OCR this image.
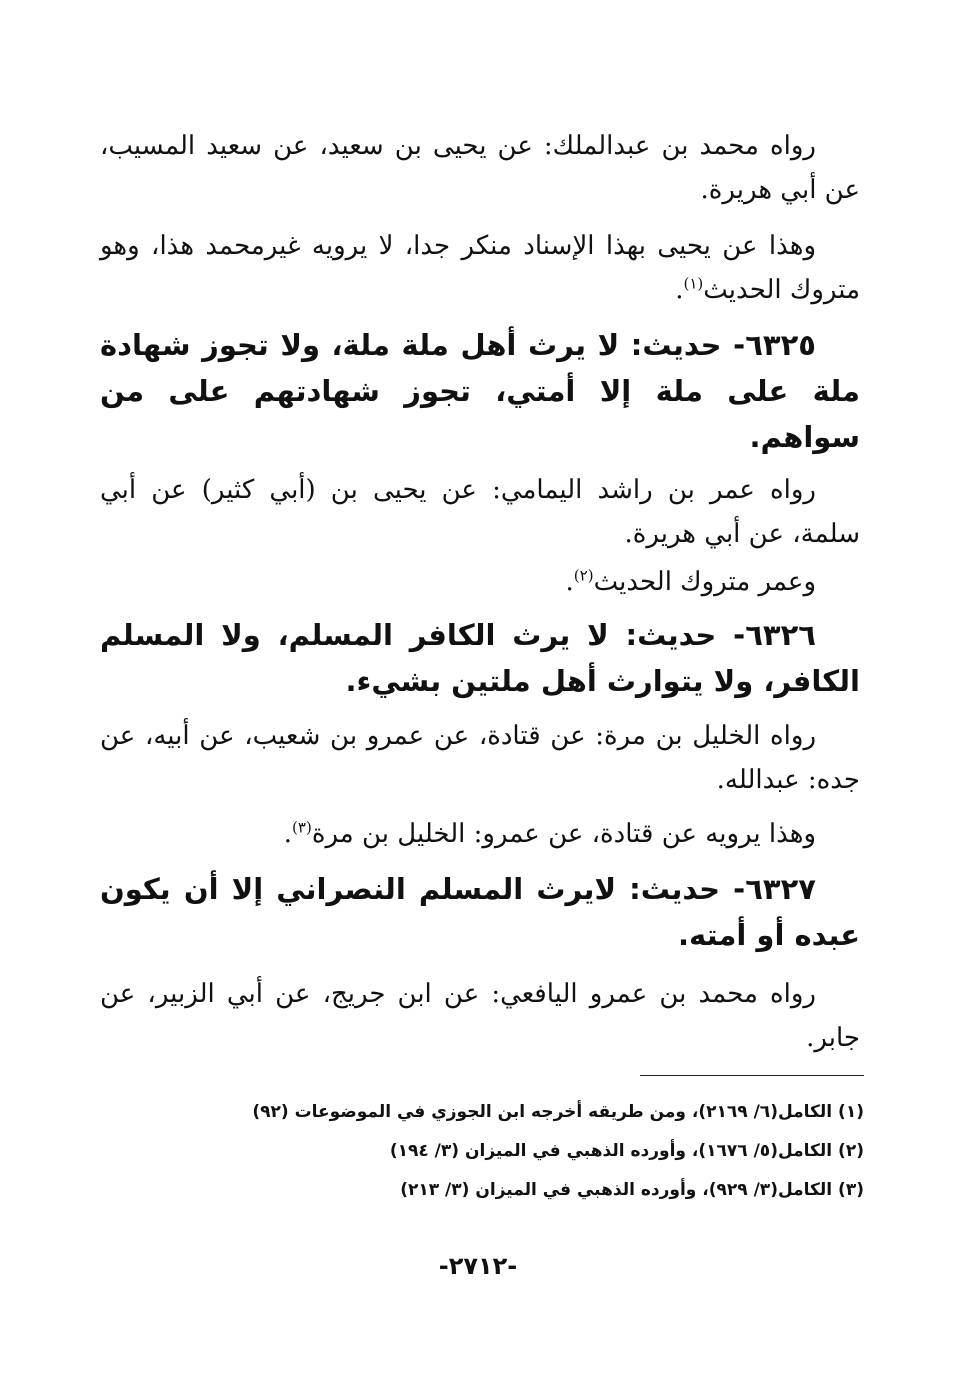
رواه محمد بن عبدالملك: عن يحيى بن سعيد، عن سعيد المسيب، عن أبي هريرة.

وهذا عن يحيى بهذا الإسناد منكر جدا، لا يرويه غيرمحمد هذا، وهو متروك الحديث$^{(١)}$.

٦٣٢٥- حديث: لا يرث أهل ملة ملة، ولا تجوز شهادة ملة على ملة إلا أمتي، تجوز شهادتهم على من سواهم.

رواه عمر بن راشد اليمامي: عن يحيى بن (أبي كثير) عن أبي سلمة، عن أبي هريرة.

وعمر متروك الحديث$^{(٢)}$.

٦٣٢٦- حديث: لا يرث الكافر المسلم، ولا المسلم الكافر، ولا يتوارث أهل ملتين بشيء.

رواه الخليل بن مرة: عن قتادة، عن عمرو بن شعيب، عن أبيه، عن جده: عبدالله.

وهذا يرويه عن قتادة، عن عمرو: الخليل بن مرة$^{(٣)}$.

٦٣٢٧- حديث: لايرث المسلم النصراني إلا أن يكون عبده أو أمته.

رواه محمد بن عمرو اليافعي: عن ابن جريج، عن أبي الزبير، عن جابر.

(١) الكامل(٦/ ٢١٦٩)، ومن طريقه أخرجه ابن الجوزي في الموضوعات (٩٢)

(٢) الكامل(٥/ ١٦٧٦)، وأورده الذهبي في الميزان (٣/ ١٩٤)

(٣) الكامل(٣/ ٩٢٩)، وأورده الذهبي في الميزان (٣/ ٢١٣)

-٢٧١٢-
